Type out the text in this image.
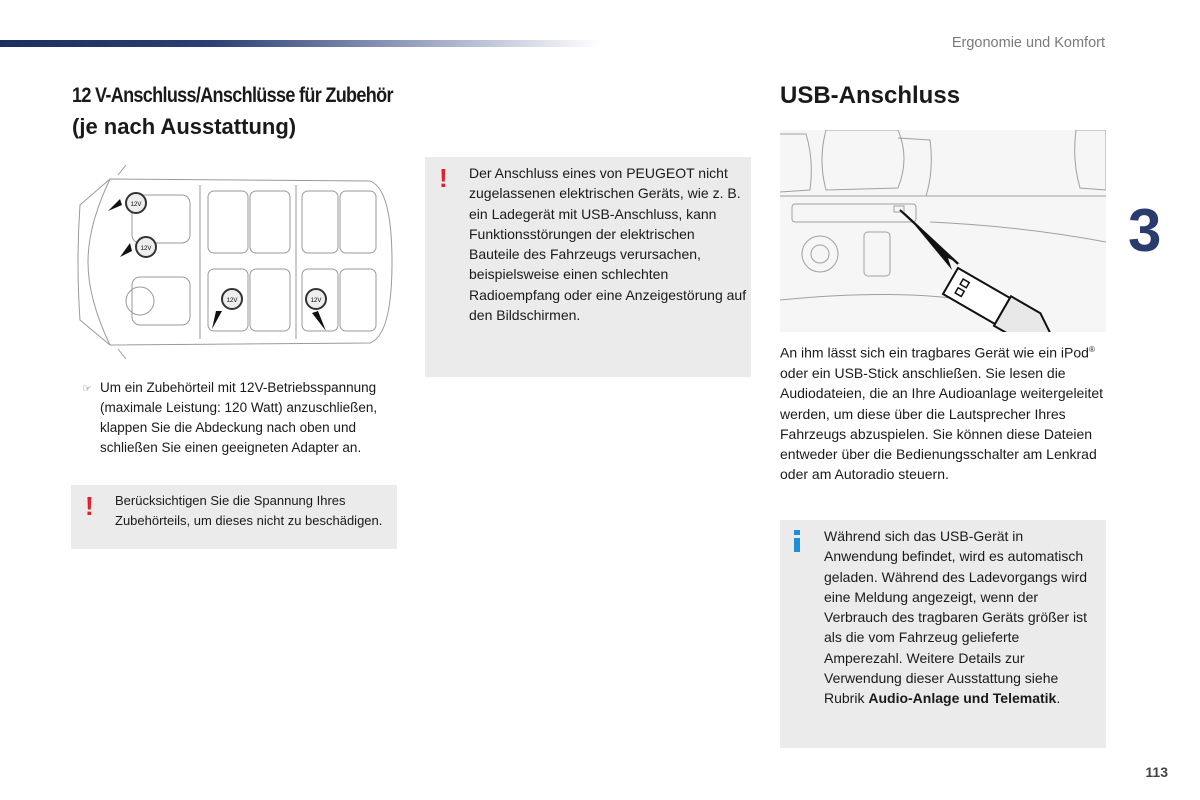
Ergonomie und Komfort
3
113
12 V-Anschluss/Anschlüsse für Zubehör
(je nach Ausstattung)
12V
12V
12V	12V
☞ Um ein Zubehörteil mit 12V-Betriebsspannung (maximale Leistung: 120 Watt) anzuschließen, klappen Sie die Abdeckung nach oben und schließen Sie einen geeigneten Adapter an.
! Berücksichtigen Sie die Spannung Ihres Zubehörteils, um dieses nicht zu beschädigen.
! Der Anschluss eines von PEUGEOT nicht zugelassenen elektrischen Geräts, wie z. B. ein Ladegerät mit USB-Anschluss, kann Funktionsstörungen der elektrischen Bauteile des Fahrzeugs verursachen, beispielsweise einen schlechten Radioempfang oder eine Anzeigestörung auf den Bildschirmen.
USB-Anschluss
An ihm lässt sich ein tragbares Gerät wie ein iPod® oder ein USB-Stick anschließen. Sie lesen die Audiodateien, die an Ihre Audioanlage weitergeleitet werden, um diese über die Lautsprecher Ihres Fahrzeugs abzuspielen. Sie können diese Dateien entweder über die Bedienungsschalter am Lenkrad oder am Autoradio steuern.
Während sich das USB-Gerät in Anwendung befindet, wird es automatisch geladen. Während des Ladevorgangs wird eine Meldung angezeigt, wenn der Verbrauch des tragbaren Geräts größer ist als die vom Fahrzeug gelieferte Amperezahl. Weitere Details zur Verwendung dieser Ausstattung siehe Rubrik Audio-Anlage und Telematik.
